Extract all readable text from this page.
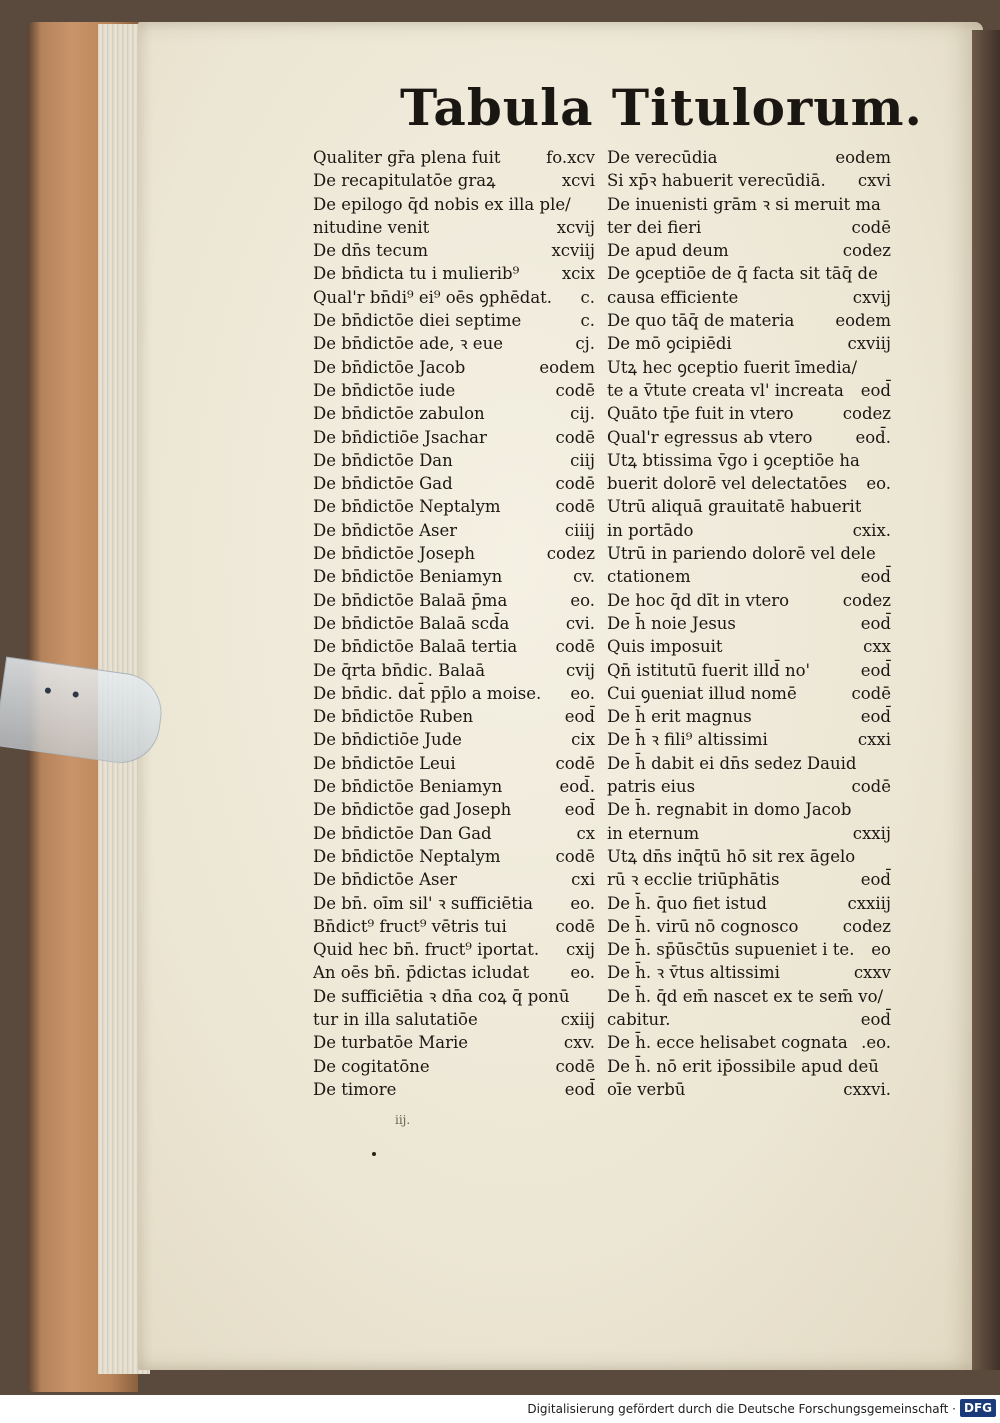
Tabula Titulorum.
Qualiter gr̄a plena fuit	fo.xcv
De recapitulatōe graꝝ	xcvi
De epilogo q̄d nobis ex illa ple/
nitudine venit	xcvij
De dn̄s tecum	xcviij
De bn̄dicta tu i mulierib⁹	xcix
Qual'r bn̄di⁹ ei⁹ oēs ꝯphēdat.	c.
De bn̄dictōe diei septime	c.
De bn̄dictōe ade, ꝛ eue	cj.
De bn̄dictōe Jacob	eodem
De bn̄dictōe iude	codē
De bn̄dictōe zabulon	cij.
De bn̄dictiōe Jsachar	codē
De bn̄dictōe Dan	ciij
De bn̄dictōe Gad	codē
De bn̄dictōe Neptalym	codē
De bn̄dictōe Aser	ciiij
De bn̄dictōe Joseph	codez
De bn̄dictōe Beniamyn	cv.
De bn̄dictōe Balaā p̄ma	eo.
De bn̄dictōe Balaā scd̄a	cvi.
De bn̄dictōe Balaā tertia	codē
De q̄rta bn̄dic. Balaā	cvij
De bn̄dic. dat̄ pp̄lo a moise.	eo.
De bn̄dictōe Ruben	eod̄
De bn̄dictiōe Jude	cix
De bn̄dictōe Leui	codē
De bn̄dictōe Beniamyn	eod̄.
De bn̄dictōe gad Joseph	eod̄
De bn̄dictōe Dan Gad	cx
De bn̄dictōe Neptalym	codē
De bn̄dictōe Aser	cxi
De bn̄. oīm sil' ꝛ sufficiētia	eo.
Bn̄dict⁹ fruct⁹ vētris tui	codē
Quid hec bn̄. fruct⁹ iportat.	cxij
An oēs bn̄. p̄dictas icludat	eo.
De sufficiētia ꝛ dn̄a coꝝ q̄ ponū
tur in illa salutatiōe	cxiij
De turbatōe Marie	cxv.
De cogitatōne	codē
De timore	eod̄
De verecūdia	eodem
Si xp̄ꝛ habuerit verecūdiā.	cxvi
De inuenisti grām ꝛ si meruit ma
ter dei fieri	codē
De apud deum	codez
De ꝯceptiōe de q̄ facta sit tāq̄ de
causa efficiente	cxvij
De quo tāq̄ de materia	eodem
De mō ꝯcipiēdi	cxviij
Utꝝ hec ꝯceptio fuerit īmedia/
te a v̄tute creata vl' increata	eod̄
Quāto tp̄e fuit in vtero	codez
Qual'r egressus ab vtero	eod̄.
Utꝝ btissima v̄go i ꝯceptiōe ha
buerit dolorē vel delectatōes	eo.
Utrū aliquā grauitatē habuerit
in portādo	cxix.
Utrū in pariendo dolorē vel dele
ctationem	eod̄
De hoc q̄d dīt in vtero	codez
De h̄ noie Jesus	eod̄
Quis imposuit	cxx
Qn̄ istitutū fuerit illd̄ no'	eod̄
Cui ꝯueniat illud nomē	codē
De h̄ erit magnus	eod̄
De h̄ ꝛ fili⁹ altissimi	cxxi
De h̄ dabit ei dn̄s sedez Dauid
patris eius	codē
De h̄. regnabit in domo Jacob
in eternum	cxxij
Utꝝ dn̄s inq̄tū hō sit rex āgelo
rū ꝛ ecclie triūphātis	eod̄
De h̄. q̄uo fiet istud	cxxiij
De h̄. virū nō cognosco	codez
De h̄. sp̄ūsc̄tūs supueniet i te.	eo
De h̄. ꝛ v̄tus altissimi	cxxv
De h̄. q̄d em̄ nascet ex te sem̄ vo/
cabitur.	eod̄
De h̄. ecce helisabet cognata .eo.
De h̄. nō erit ip̄ossibile apud deū
oīe verbū	cxxvi.
iij.
Digitalisierung gefördert durch die Deutsche Forschungsgemeinschaft · DFG
